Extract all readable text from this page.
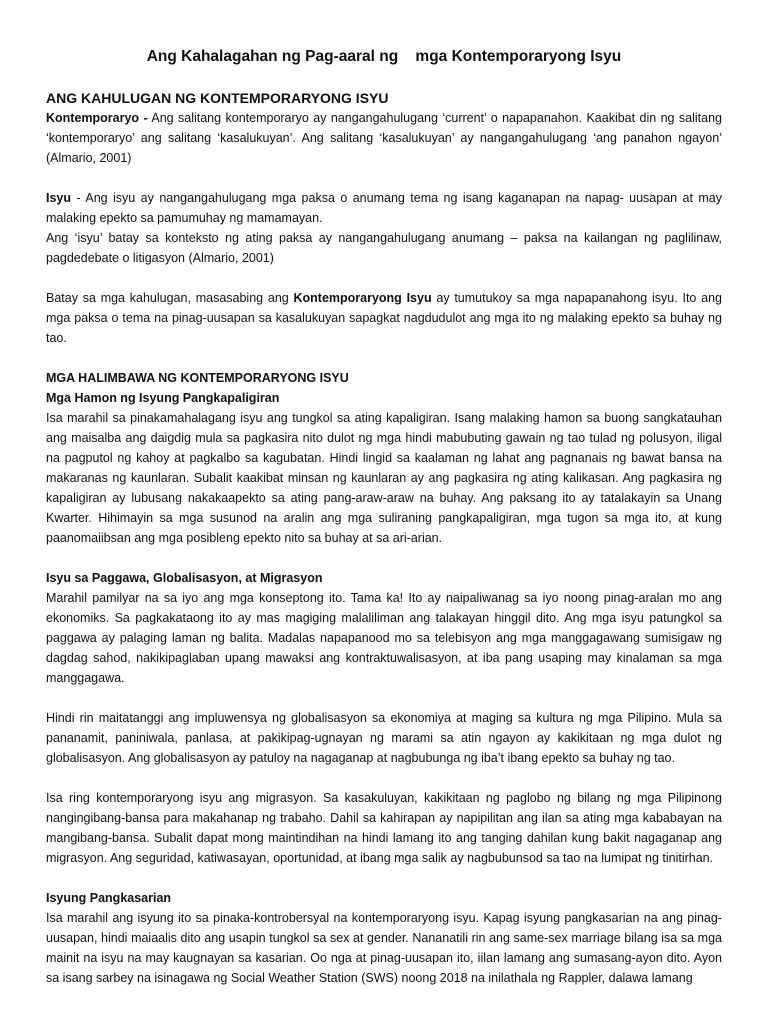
Ang Kahalagahan ng Pag-aaral ng    mga Kontemporaryong Isyu
ANG KAHULUGAN NG KONTEMPORARYONG ISYU

Kontemporaryo - Ang salitang kontemporaryo ay nangangahulugang ‘current’ o napapanahon. Kaakibat din ng salitang ‘kontemporaryo’ ang salitang ‘kasalukuyan’. Ang salitang ‘kasalukuyan’ ay nangangahulugang ‘ang panahon ngayon’ (Almario, 2001)

Isyu - Ang isyu ay nangangahulugang mga paksa o anumang tema ng isang kaganapan na napag- uusapan at may malaking epekto sa pamumuhay ng mamamayan.

Ang ‘isyu’ batay sa konteksto ng ating paksa ay nangangahulugang anumang – paksa na kailangan ng paglilinaw, pagdedebate o litigasyon (Almario, 2001)

Batay sa mga kahulugan, masasabing ang Kontemporaryong Isyu ay tumutukoy sa mga napapanahong isyu. Ito ang mga paksa o tema na pinag-uusapan sa kasalukuyan sapagkat nagdudulot ang mga ito ng malaking epekto sa buhay ng tao.

MGA HALIMBAWA NG KONTEMPORARYONG ISYU
Mga Hamon ng Isyung Pangkapaligiran

Isa marahil sa pinakamahalagang isyu ang tungkol sa ating kapaligiran. Isang malaking hamon sa buong sangkatauhan ang maisalba ang daigdig mula sa pagkasira nito dulot ng mga hindi mabubuting gawain ng tao tulad ng polusyon, iligal na pagputol ng kahoy at pagkalbo sa kagubatan. Hindi lingid sa kaalaman ng lahat ang pagnanais ng bawat bansa na makaranas ng kaunlaran. Subalit kaakibat minsan ng kaunlaran ay ang pagkasira ng ating kalikasan. Ang pagkasira ng kapaligiran ay lubusang nakakaapekto sa ating pang-araw-araw na buhay. Ang paksang ito ay tatalakayin sa Unang Kwarter. Hihimayin sa mga susunod na aralin ang mga suliraning pangkapaligiran, mga tugon sa mga ito, at kung paanomaiibsan ang mga posibleng epekto nito sa buhay at sa ari-arian.

Isyu sa Paggawa, Globalisasyon, at Migrasyon

Marahil pamilyar na sa iyo ang mga konseptong ito. Tama ka! Ito ay naipaliwanag sa iyo noong pinag-aralan mo ang ekonomiks. Sa pagkakataong ito ay mas magiging malaliliman ang talakayan hinggil dito. Ang mga isyu patungkol sa paggawa ay palaging laman ng balita. Madalas napapanood mo sa telebisyon ang mga manggagawang sumisigaw ng dagdag sahod, nakikipaglaban upang mawaksi ang kontraktuwalisasyon, at iba pang usaping may kinalaman sa mga manggagawa.

Hindi rin maitatanggi ang impluwensya ng globalisasyon sa ekonomiya at maging sa kultura ng mga Pilipino. Mula sa pananamit, paniniwala, panlasa, at pakikipag-ugnayan ng marami sa atin ngayon ay kakikitaan ng mga dulot ng globalisasyon. Ang globalisasyon ay patuloy na nagaganap at nagbubunga ng iba’t ibang epekto sa buhay ng tao.

Isa ring kontemporaryong isyu ang migrasyon. Sa kasakuluyan, kakikitaan ng paglobo ng bilang ng mga Pilipinong nangingibang-bansa para makahanap ng trabaho. Dahil sa kahirapan ay napipilitan ang ilan sa ating mga kababayan na mangibang-bansa. Subalit dapat mong maintindihan na hindi lamang ito ang tanging dahilan kung bakit nagaganap ang migrasyon. Ang seguridad, katiwasayan, oportunidad, at ibang mga salik ay nagbubunsod sa tao na lumipat ng tinitirhan.

Isyung Pangkasarian

Isa marahil ang isyung ito sa pinaka-kontrobersyal na kontemporaryong isyu. Kapag isyung pangkasarian na ang pinag-uusapan, hindi maiaalis dito ang usapin tungkol sa sex at gender. Nananatili rin ang same-sex marriage bilang isa sa mga mainit na isyu na may kaugnayan sa kasarian. Oo nga at pinag-uusapan ito, iilan lamang ang sumasang-ayon dito. Ayon sa isang sarbey na isinagawa ng Social Weather Station (SWS) noong 2018 na inilathala ng Rappler, dalawa lamang
